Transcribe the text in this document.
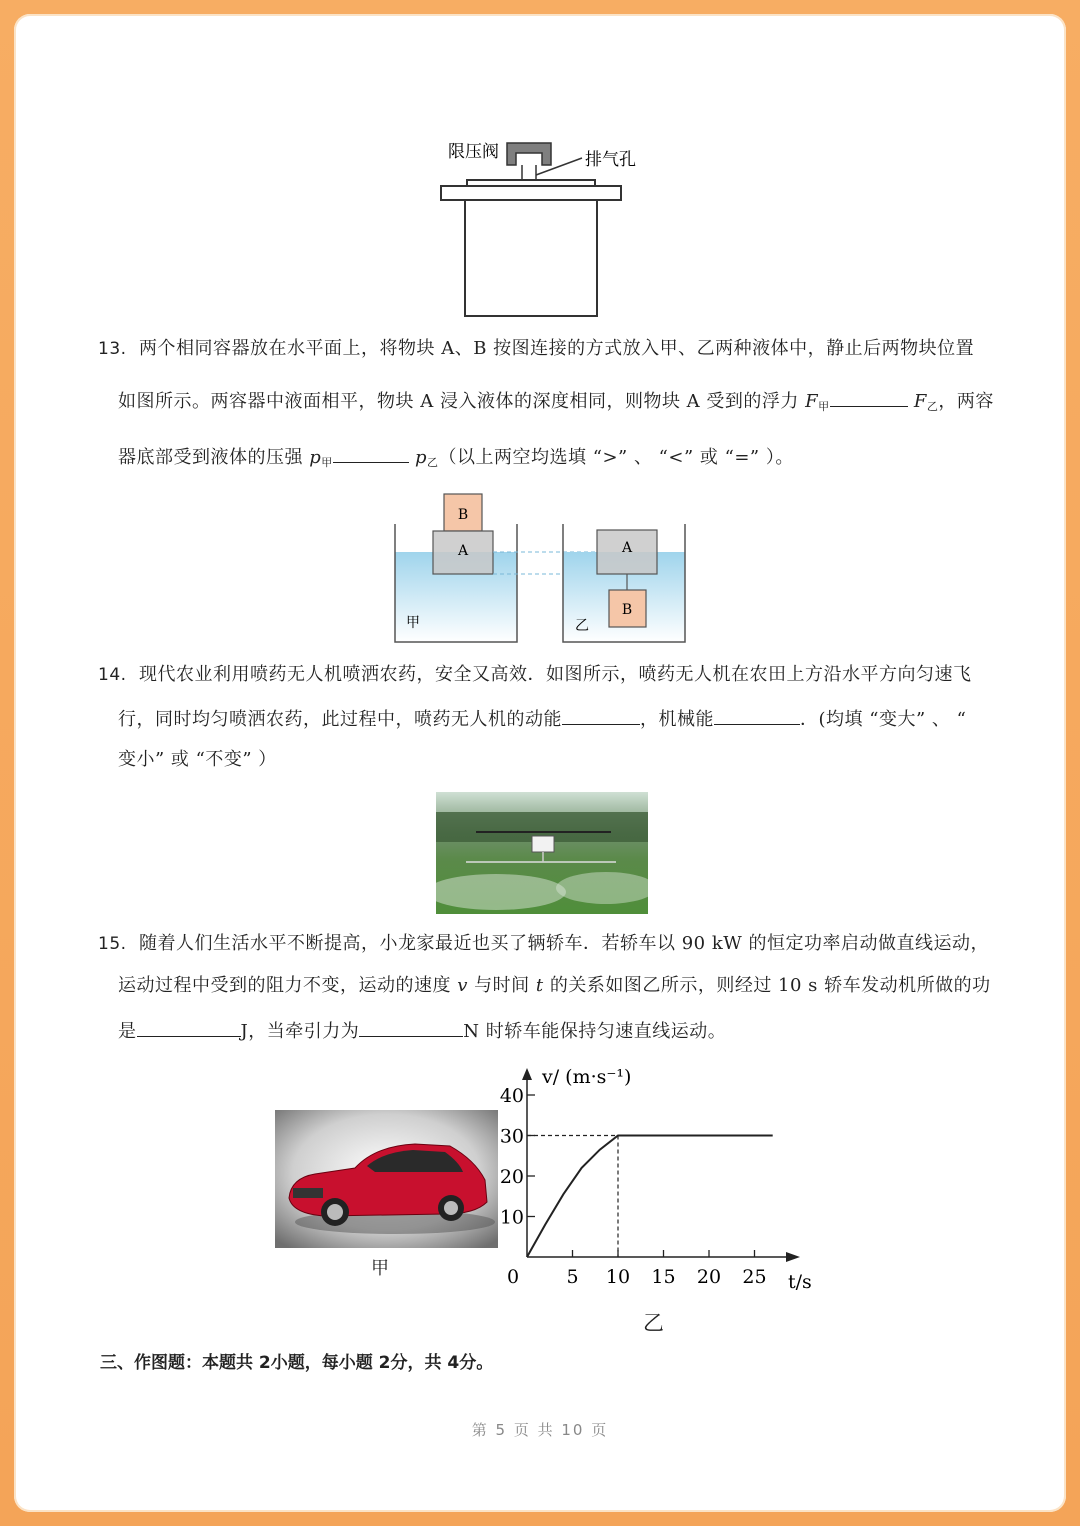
限压阀	排气孔
13. 两个相同容器放在水平面上，将物块 A、B 按图连接的方式放入甲、乙两种液体中，静止后两物块位置
如图所示。两容器中液面相平，物块 A 浸入液体的深度相同，则物块 A 受到的浮力 $F_甲$	$F_乙$，两容
器底部受到液体的压强 $p_甲$	$p_乙$（以上两空均选填 “>” 、 “<” 或 “=” ）。
B
A
甲
A
B
乙
14. 现代农业利用喷药无人机喷洒农药，安全又高效．如图所示，喷药无人机在农田上方沿水平方向匀速飞
行，同时均匀喷洒农药，此过程中，喷药无人机的动能	，机械能	．(均填 “变大” 、 “
变小” 或 “不变” ）
15. 随着人们生活水平不断提高，小龙家最近也买了辆轿车．若轿车以 90 kW 的恒定功率启动做直线运动，
运动过程中受到的阻力不变，运动的速度 v 与时间 t 的关系如图乙所示，则经过 10 s 轿车发动机所做的功
是	J，当牵引力为	N 时轿车能保持匀速直线运动。
甲
10
20
30
40
0 5 10 15 20 25
v/ (m·s⁻¹)
t/s
乙
三、作图题：本题共 2小题，每小题 2分，共 4分。
第 5 页 共 10 页
